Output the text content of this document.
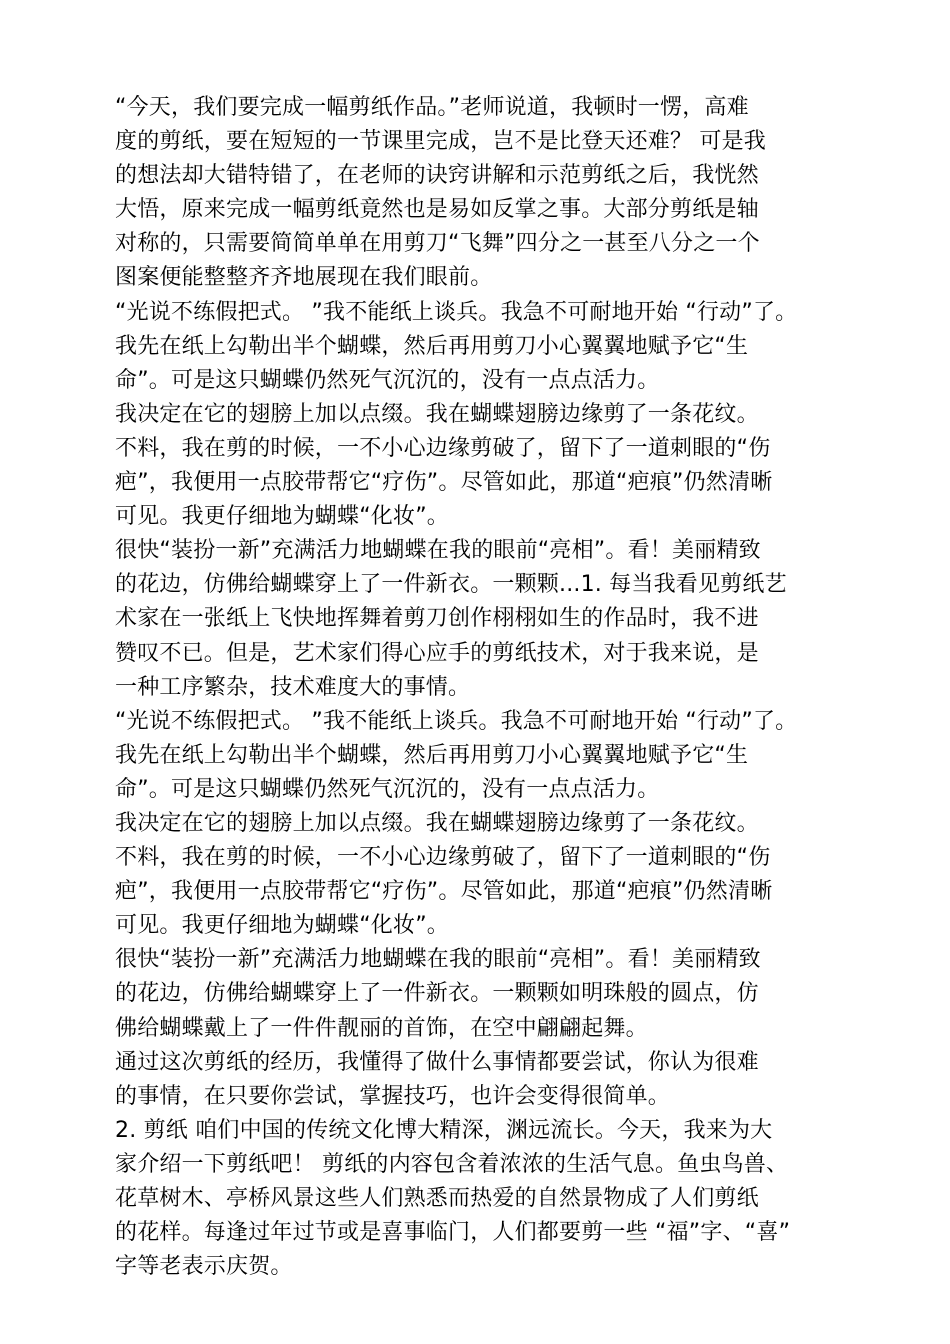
“今天，我们要完成一幅剪纸作品。”老师说道，我顿时一愣，高难
度的剪纸，要在短短的一节课里完成，岂不是比登天还难？ 可是我
的想法却大错特错了，在老师的诀窍讲解和示范剪纸之后，我恍然
大悟，原来完成一幅剪纸竟然也是易如反掌之事。大部分剪纸是轴
对称的，只需要简简单单在用剪刀“飞舞”四分之一甚至八分之一个
图案便能整整齐齐地展现在我们眼前。
“光说不练假把式。 ”我不能纸上谈兵。我急不可耐地开始 “行动”了。
我先在纸上勾勒出半个蝴蝶，然后再用剪刀小心翼翼地赋予它“生
命”。可是这只蝴蝶仍然死气沉沉的，没有一点点活力。
我决定在它的翅膀上加以点缀。我在蝴蝶翅膀边缘剪了一条花纹。
不料，我在剪的时候，一不小心边缘剪破了，留下了一道刺眼的“伤
疤”，我便用一点胶带帮它“疗伤”。尽管如此，那道“疤痕”仍然清晰
可见。我更仔细地为蝴蝶“化妆”。
很快“装扮一新”充满活力地蝴蝶在我的眼前“亮相”。看！美丽精致
的花边，仿佛给蝴蝶穿上了一件新衣。一颗颗...1. 每当我看见剪纸艺
术家在一张纸上飞快地挥舞着剪刀创作栩栩如生的作品时，我不进
赞叹不已。但是，艺术家们得心应手的剪纸技术，对于我来说，是
一种工序繁杂，技术难度大的事情。
“光说不练假把式。 ”我不能纸上谈兵。我急不可耐地开始 “行动”了。
我先在纸上勾勒出半个蝴蝶，然后再用剪刀小心翼翼地赋予它“生
命”。可是这只蝴蝶仍然死气沉沉的，没有一点点活力。
我决定在它的翅膀上加以点缀。我在蝴蝶翅膀边缘剪了一条花纹。
不料，我在剪的时候，一不小心边缘剪破了，留下了一道刺眼的“伤
疤”，我便用一点胶带帮它“疗伤”。尽管如此，那道“疤痕”仍然清晰
可见。我更仔细地为蝴蝶“化妆”。
很快“装扮一新”充满活力地蝴蝶在我的眼前“亮相”。看！美丽精致
的花边，仿佛给蝴蝶穿上了一件新衣。一颗颗如明珠般的圆点，仿
佛给蝴蝶戴上了一件件靓丽的首饰，在空中翩翩起舞。
通过这次剪纸的经历，我懂得了做什么事情都要尝试，你认为很难
的事情，在只要你尝试，掌握技巧，也许会变得很简单。
2. 剪纸 咱们中国的传统文化博大精深，渊远流长。今天，我来为大
家介绍一下剪纸吧！ 剪纸的内容包含着浓浓的生活气息。鱼虫鸟兽、
花草树木、亭桥风景这些人们熟悉而热爱的自然景物成了人们剪纸
的花样。每逢过年过节或是喜事临门，人们都要剪一些 “福”字、“喜”
字等老表示庆贺。
